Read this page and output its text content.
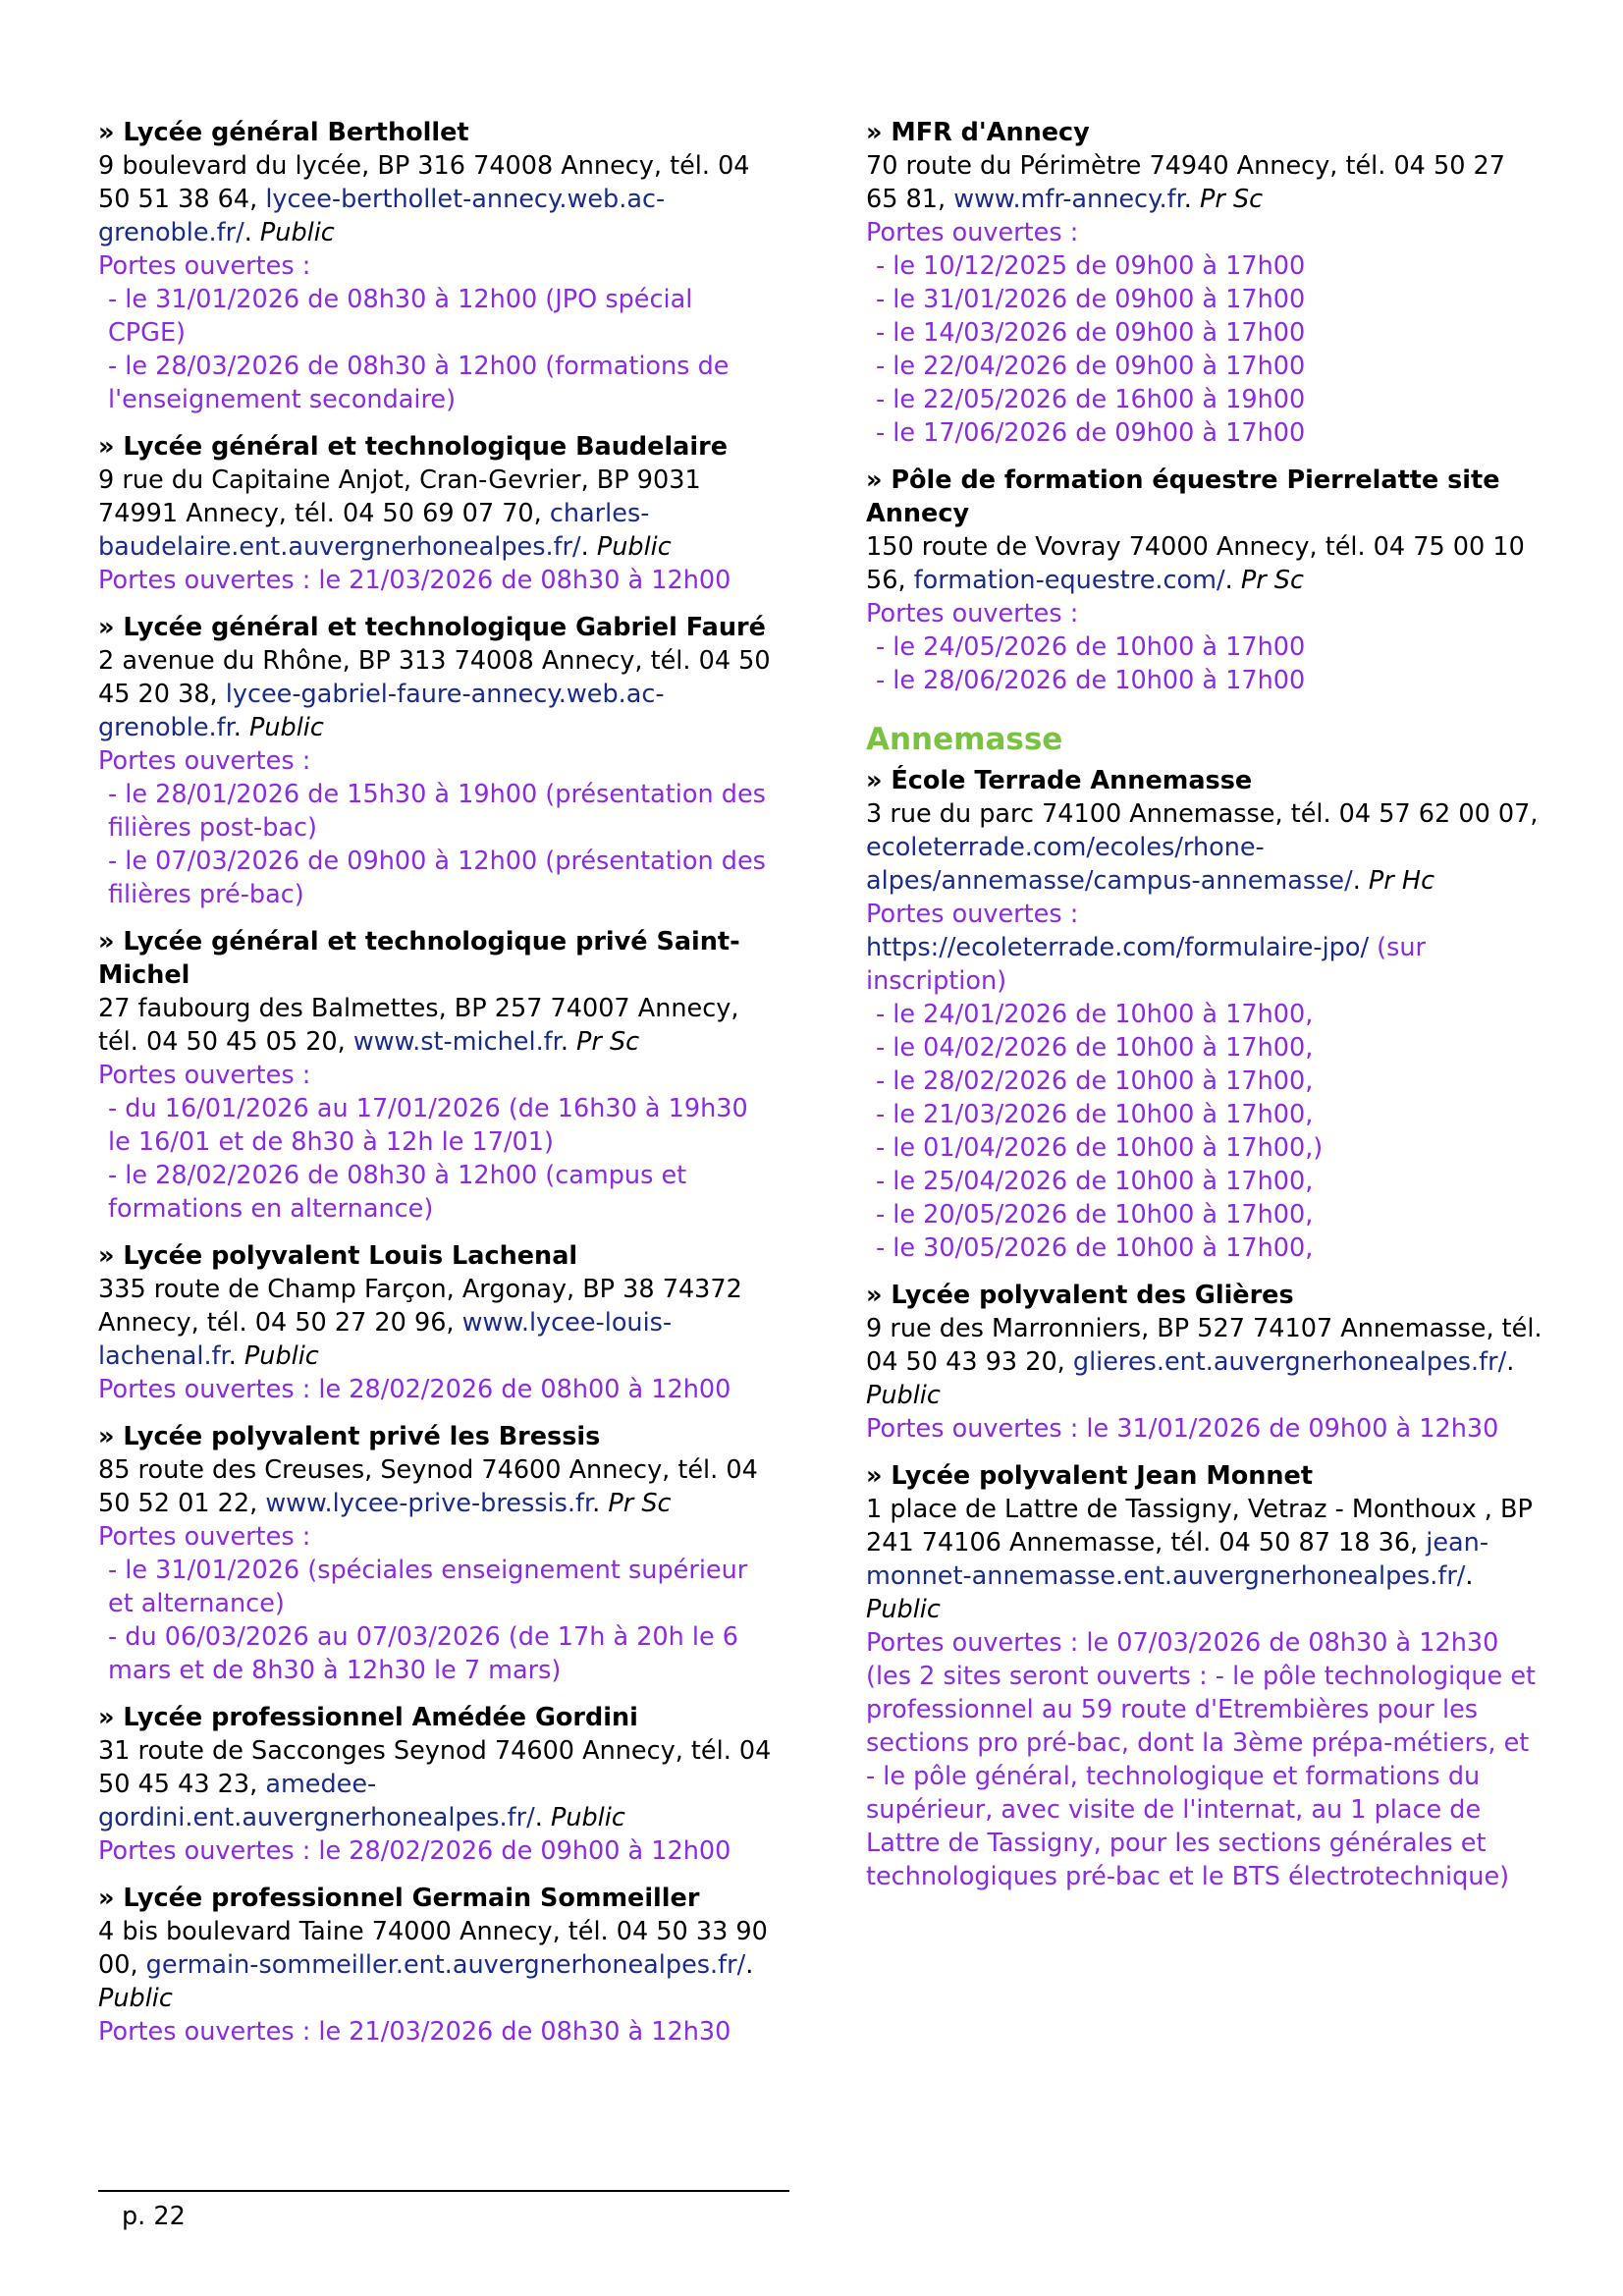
» Lycée général Berthollet
9 boulevard du lycée, BP 316 74008 Annecy, tél. 04 50 51 38 64, lycee-berthollet-annecy.web.ac-grenoble.fr/. Public
Portes ouvertes :
- le 31/01/2026 de 08h30 à 12h00 (JPO spécial CPGE)
- le 28/03/2026 de 08h30 à 12h00 (formations de l'enseignement secondaire)
» Lycée général et technologique Baudelaire
9 rue du Capitaine Anjot, Cran-Gevrier, BP 9031 74991 Annecy, tél. 04 50 69 07 70, charles-baudelaire.ent.auvergnerhonealpes.fr/. Public
Portes ouvertes : le 21/03/2026 de 08h30 à 12h00
» Lycée général et technologique Gabriel Fauré
2 avenue du Rhône, BP 313 74008 Annecy, tél. 04 50 45 20 38, lycee-gabriel-faure-annecy.web.ac-grenoble.fr. Public
Portes ouvertes :
- le 28/01/2026 de 15h30 à 19h00 (présentation des filières post-bac)
- le 07/03/2026 de 09h00 à 12h00 (présentation des filières pré-bac)
» Lycée général et technologique privé Saint-Michel
27 faubourg des Balmettes, BP 257 74007 Annecy, tél. 04 50 45 05 20, www.st-michel.fr. Pr Sc
Portes ouvertes :
- du 16/01/2026 au 17/01/2026 (de 16h30 à 19h30 le 16/01 et de 8h30 à 12h le 17/01)
- le 28/02/2026 de 08h30 à 12h00 (campus et formations en alternance)
» Lycée polyvalent Louis Lachenal
335 route de Champ Farçon, Argonay, BP 38 74372 Annecy, tél. 04 50 27 20 96, www.lycee-louis-lachenal.fr. Public
Portes ouvertes : le 28/02/2026 de 08h00 à 12h00
» Lycée polyvalent privé les Bressis
85 route des Creuses, Seynod 74600 Annecy, tél. 04 50 52 01 22, www.lycee-prive-bressis.fr. Pr Sc
Portes ouvertes :
- le 31/01/2026 (spéciales enseignement supérieur et alternance)
- du 06/03/2026 au 07/03/2026 (de 17h à 20h le 6 mars et de 8h30 à 12h30 le 7 mars)
» Lycée professionnel Amédée Gordini
31 route de Sacconges Seynod 74600 Annecy, tél. 04 50 45 43 23, amedee-gordini.ent.auvergnerhonealpes.fr/. Public
Portes ouvertes : le 28/02/2026 de 09h00 à 12h00
» Lycée professionnel Germain Sommeiller
4 bis boulevard Taine 74000 Annecy, tél. 04 50 33 90 00, germain-sommeiller.ent.auvergnerhonealpes.fr/. Public
Portes ouvertes : le 21/03/2026 de 08h30 à 12h30
» MFR d'Annecy
70 route du Périmètre 74940 Annecy, tél. 04 50 27 65 81, www.mfr-annecy.fr. Pr Sc
Portes ouvertes :
- le 10/12/2025 de 09h00 à 17h00
- le 31/01/2026 de 09h00 à 17h00
- le 14/03/2026 de 09h00 à 17h00
- le 22/04/2026 de 09h00 à 17h00
- le 22/05/2026 de 16h00 à 19h00
- le 17/06/2026 de 09h00 à 17h00
» Pôle de formation équestre Pierrelatte site Annecy
150 route de Vovray 74000 Annecy, tél. 04 75 00 10 56, formation-equestre.com/. Pr Sc
Portes ouvertes :
- le 24/05/2026 de 10h00 à 17h00
- le 28/06/2026 de 10h00 à 17h00
Annemasse
» École Terrade Annemasse
3 rue du parc 74100 Annemasse, tél. 04 57 62 00 07, ecoleterrade.com/ecoles/rhone-alpes/annemasse/campus-annemasse/. Pr Hc
Portes ouvertes :
https://ecoleterrade.com/formulaire-jpo/ (sur inscription)
- le 24/01/2026 de 10h00 à 17h00,
- le 04/02/2026 de 10h00 à 17h00,
- le 28/02/2026 de 10h00 à 17h00,
- le 21/03/2026 de 10h00 à 17h00,
- le 01/04/2026 de 10h00 à 17h00,)
- le 25/04/2026 de 10h00 à 17h00,
- le 20/05/2026 de 10h00 à 17h00,
- le 30/05/2026 de 10h00 à 17h00,
» Lycée polyvalent des Glières
9 rue des Marronniers, BP 527 74107 Annemasse, tél. 04 50 43 93 20, glieres.ent.auvergnerhonealpes.fr/. Public
Portes ouvertes : le 31/01/2026 de 09h00 à 12h30
» Lycée polyvalent Jean Monnet
1 place de Lattre de Tassigny, Vetraz - Monthoux , BP 241 74106 Annemasse, tél. 04 50 87 18 36, jean-monnet-annemasse.ent.auvergnerhonealpes.fr/. Public
Portes ouvertes : le 07/03/2026 de 08h30 à 12h30 (les 2 sites seront ouverts : - le pôle technologique et professionnel au 59 route d'Etrembières pour les sections pro pré-bac, dont la 3ème prépa-métiers, et - le pôle général, technologique et formations du supérieur, avec visite de l'internat, au 1 place de Lattre de Tassigny, pour les sections générales et technologiques pré-bac et le BTS électrotechnique)
p. 22
